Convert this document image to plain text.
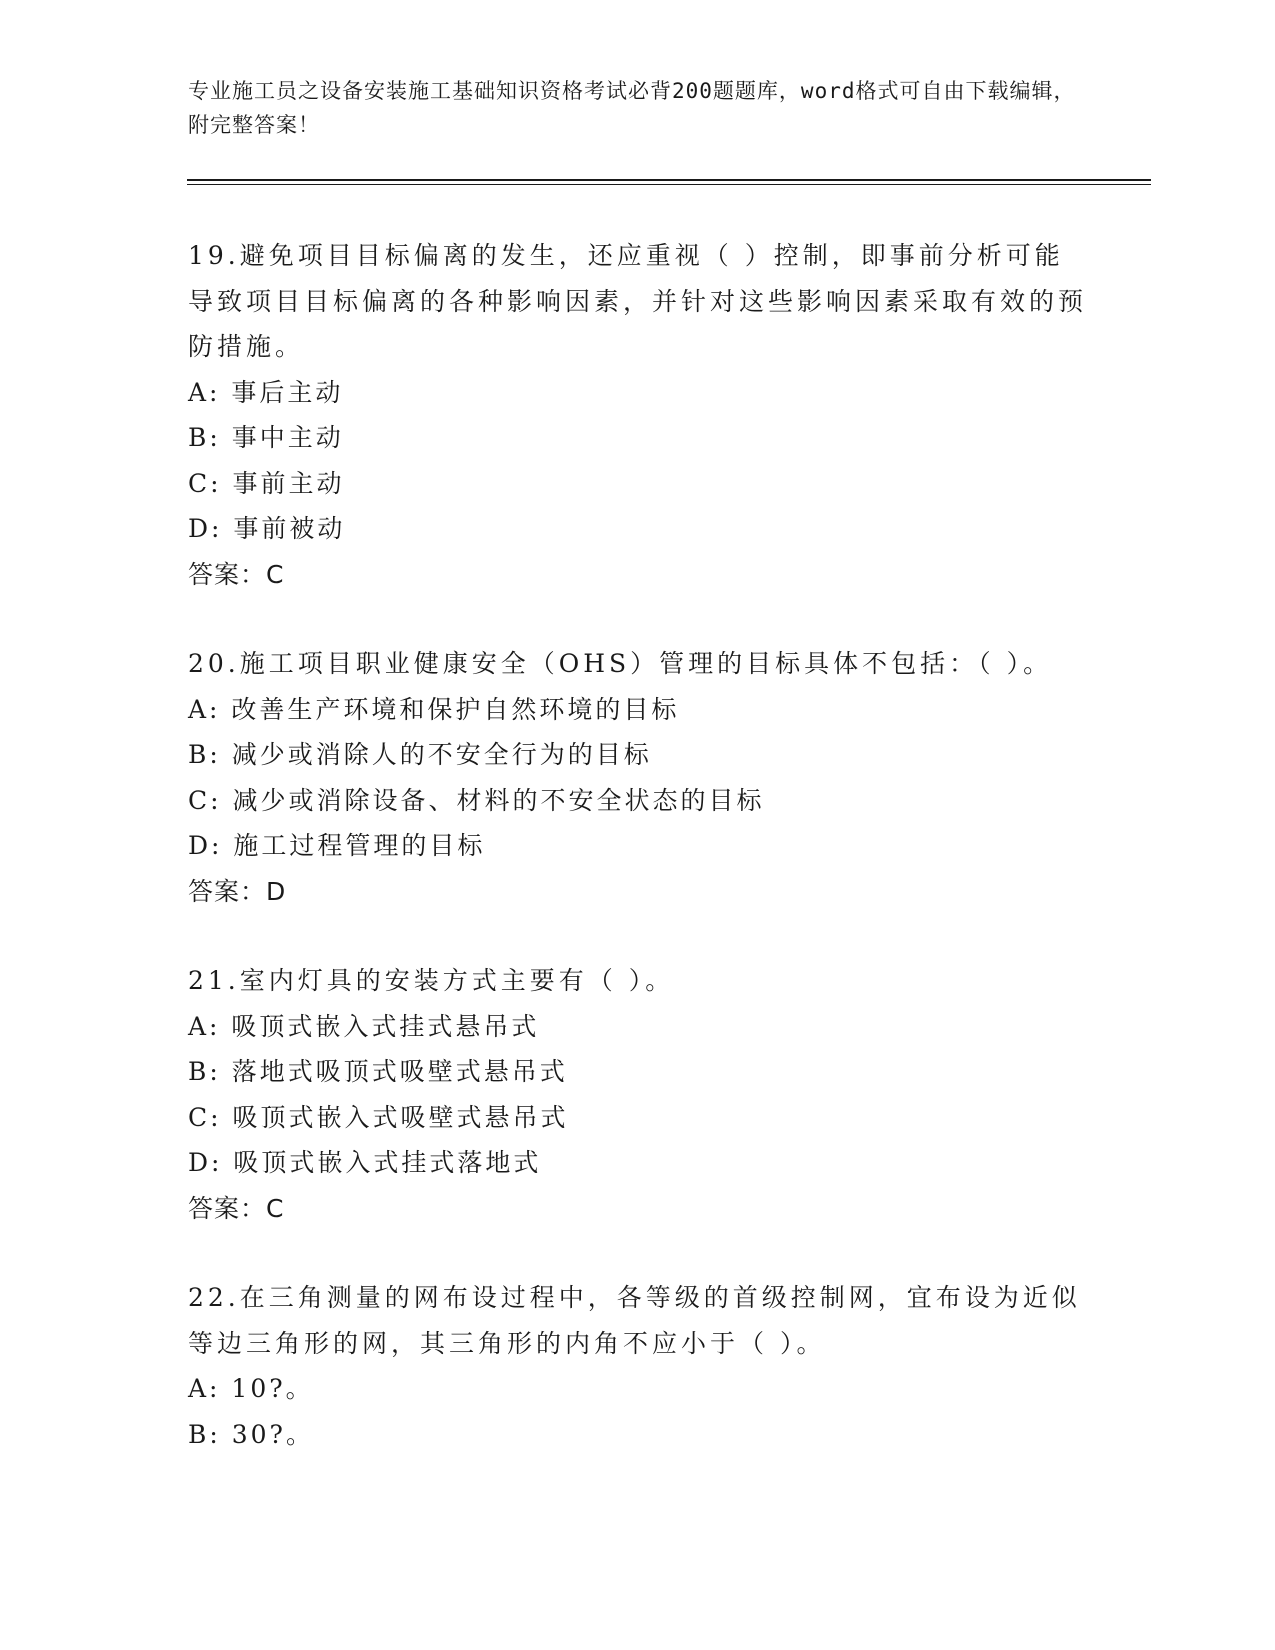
专业施工员之设备安装施工基础知识资格考试必背200题题库，word格式可自由下载编辑，附完整答案！
19.避免项目目标偏离的发生，还应重视（ ）控制，即事前分析可能导致项目目标偏离的各种影响因素，并针对这些影响因素采取有效的预防措施。
A: 事后主动
B: 事中主动
C: 事前主动
D: 事前被动
答案：C
20.施工项目职业健康安全（OHS）管理的目标具体不包括：（ ）。
A: 改善生产环境和保护自然环境的目标
B: 减少或消除人的不安全行为的目标
C: 减少或消除设备、材料的不安全状态的目标
D: 施工过程管理的目标
答案：D
21.室内灯具的安装方式主要有（ ）。
A: 吸顶式嵌入式挂式悬吊式
B: 落地式吸顶式吸壁式悬吊式
C: 吸顶式嵌入式吸壁式悬吊式
D: 吸顶式嵌入式挂式落地式
答案：C
22.在三角测量的网布设过程中，各等级的首级控制网，宜布设为近似等边三角形的网，其三角形的内角不应小于（ ）。
A: 10?。
B: 30?。
